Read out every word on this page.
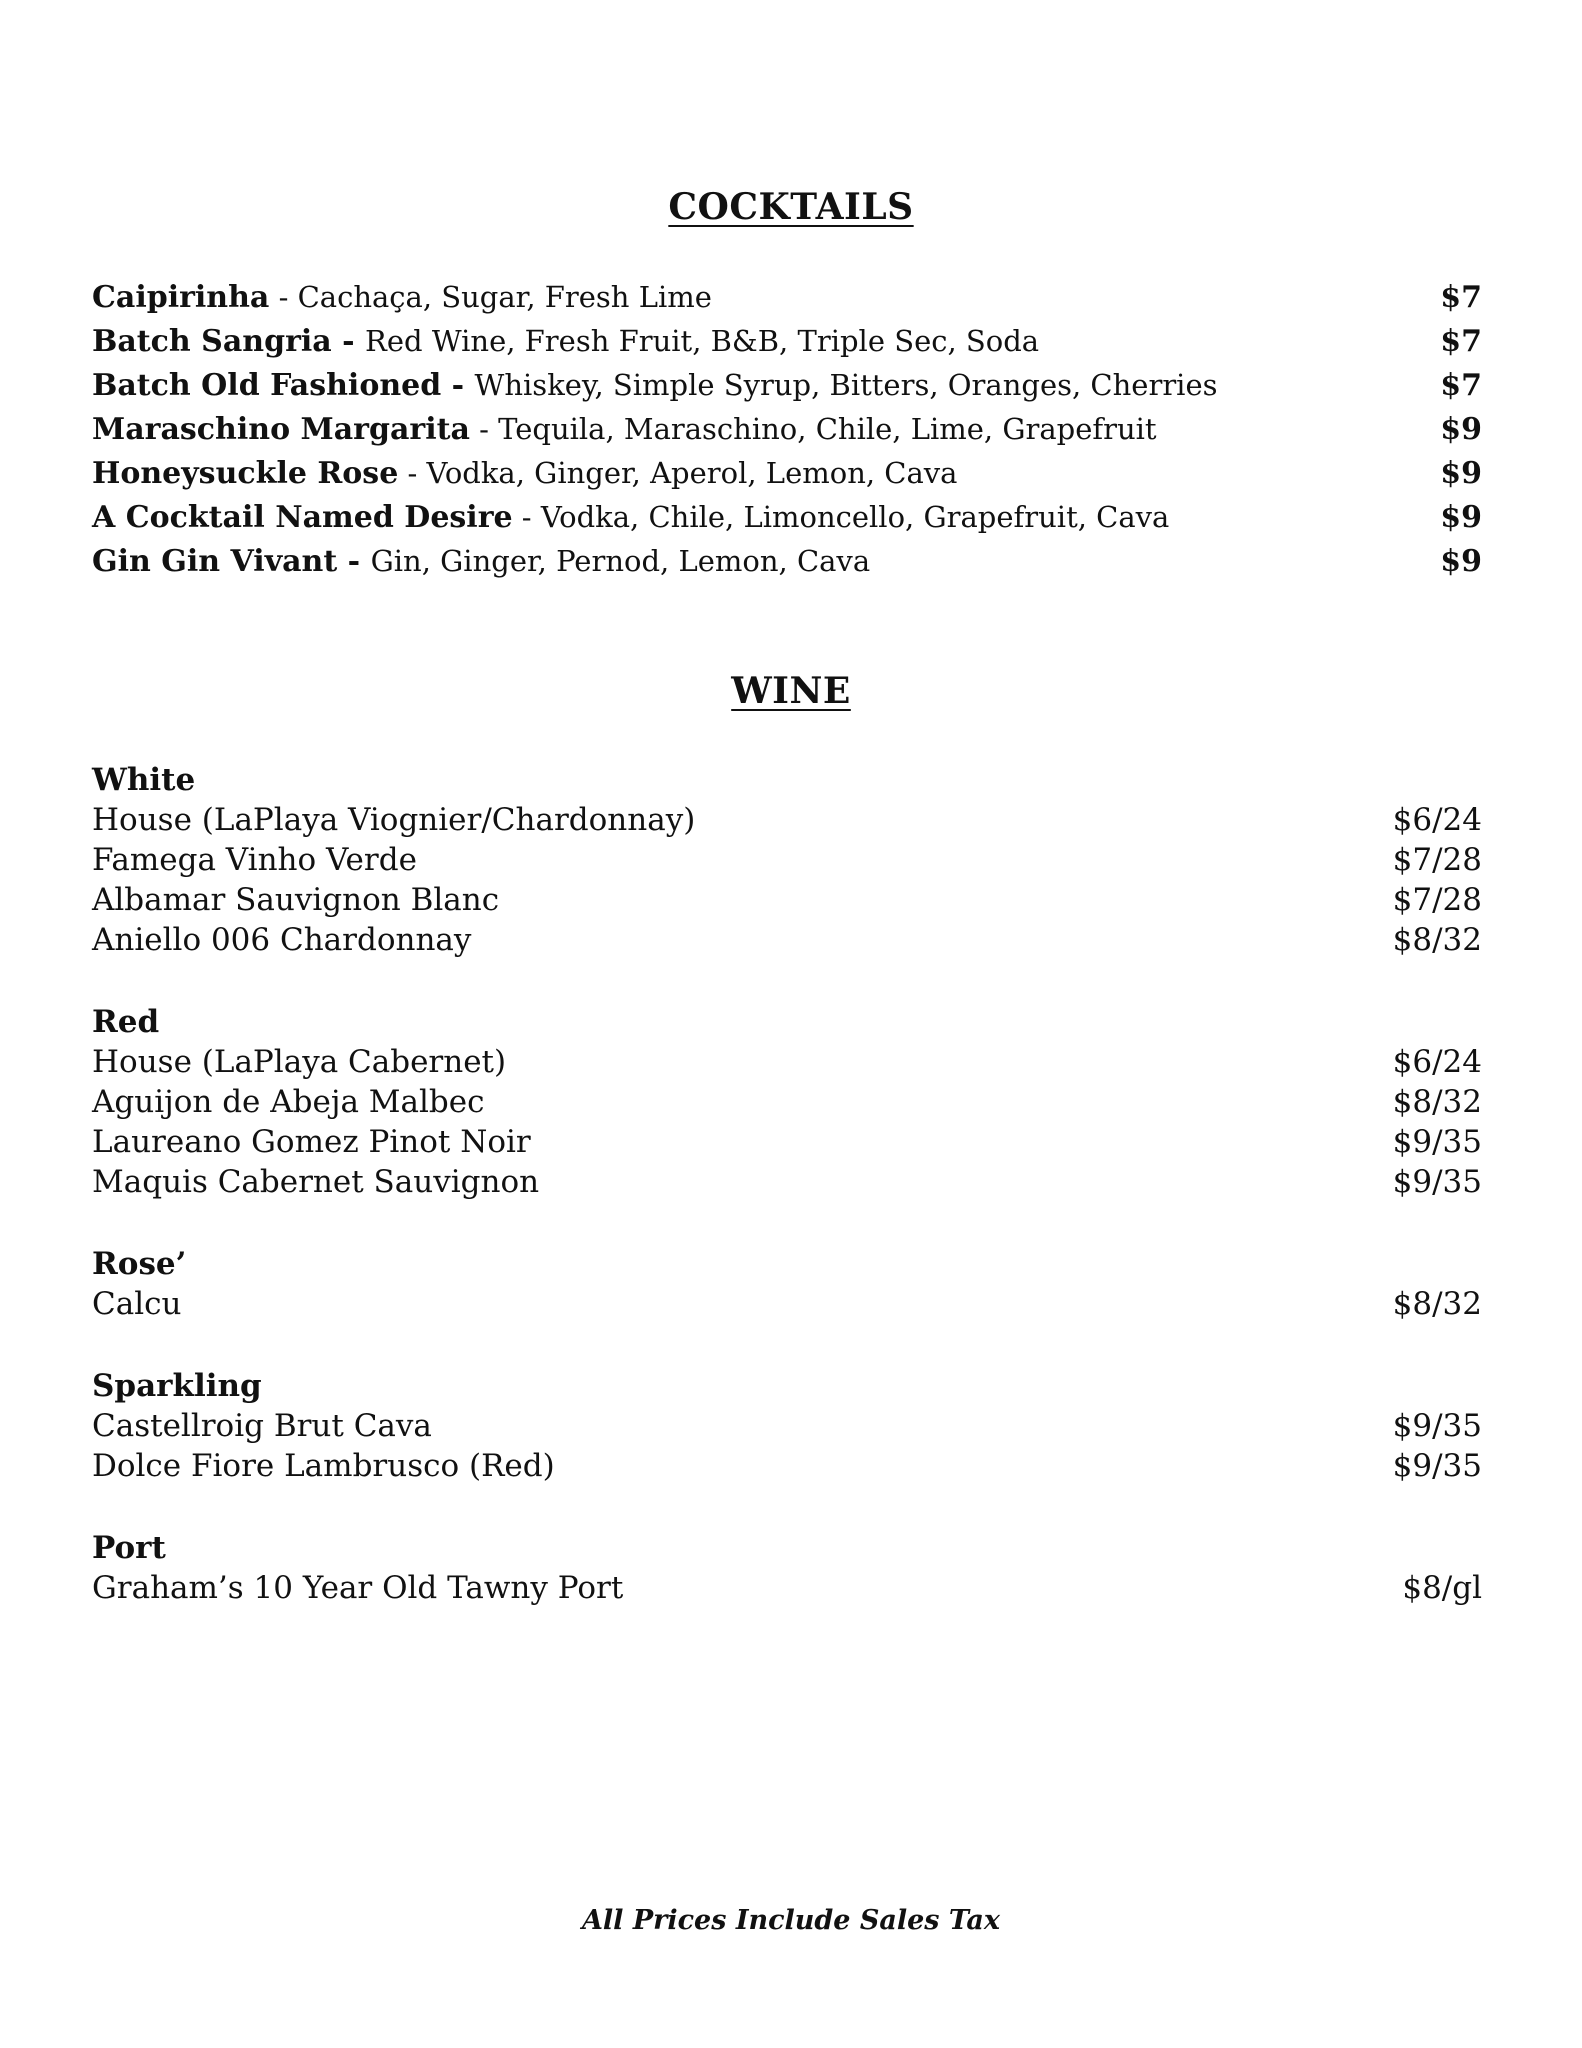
COCKTAILS
Caipirinha - Cachaça, Sugar, Fresh Lime	$7
Batch Sangria - Red Wine, Fresh Fruit, B&B, Triple Sec, Soda	$7
Batch Old Fashioned - Whiskey, Simple Syrup, Bitters, Oranges, Cherries	$7
Maraschino Margarita - Tequila, Maraschino, Chile, Lime, Grapefruit	$9
Honeysuckle Rose - Vodka, Ginger, Aperol, Lemon, Cava	$9
A Cocktail Named Desire - Vodka, Chile, Limoncello, Grapefruit, Cava	$9
Gin Gin Vivant - Gin, Ginger, Pernod, Lemon, Cava	$9
WINE
White
House (LaPlaya Viognier/Chardonnay)	$6/24
Famega Vinho Verde	$7/28
Albamar Sauvignon Blanc	$7/28
Aniello 006 Chardonnay	$8/32
Red
House (LaPlaya Cabernet)	$6/24
Aguijon de Abeja Malbec	$8/32
Laureano Gomez Pinot Noir	$9/35
Maquis Cabernet Sauvignon	$9/35
Rose’
Calcu	$8/32
Sparkling
Castellroig Brut Cava	$9/35
Dolce Fiore Lambrusco (Red)	$9/35
Port
Graham’s 10 Year Old Tawny Port	$8/gl
All Prices Include Sales Tax
